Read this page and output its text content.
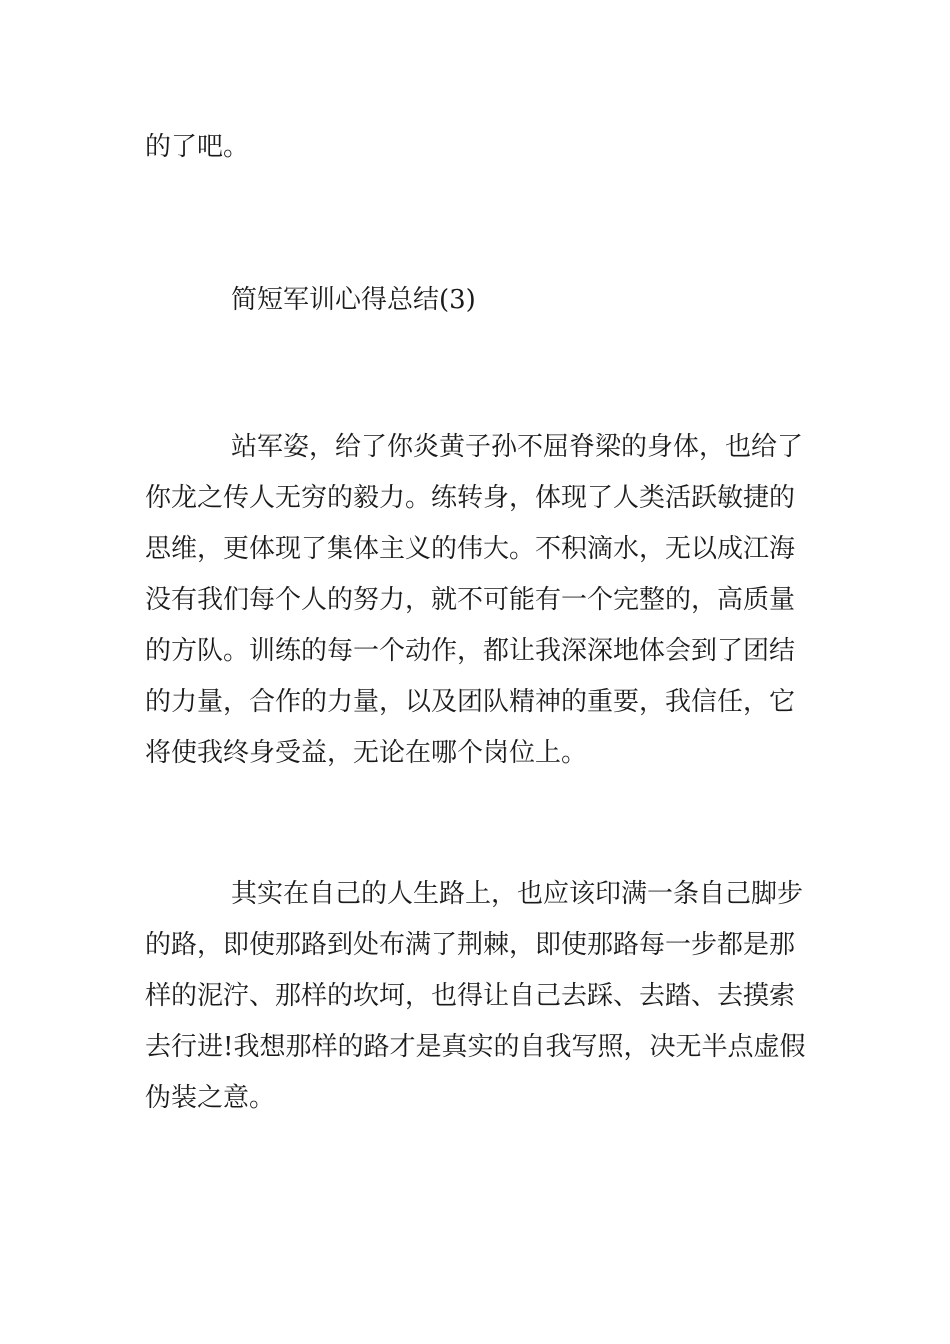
的了吧。
简短军训心得总结(3)
站军姿，给了你炎黄子孙不屈脊梁的身体，也给了
你龙之传人无穷的毅力。练转身，体现了人类活跃敏捷的
思维，更体现了集体主义的伟大。不积滴水，无以成江海
没有我们每个人的努力，就不可能有一个完整的，高质量
的方队。训练的每一个动作，都让我深深地体会到了团结
的力量，合作的力量，以及团队精神的重要，我信任，它
将使我终身受益，无论在哪个岗位上。
其实在自己的人生路上，也应该印满一条自己脚步
的路，即使那路到处布满了荆棘，即使那路每一步都是那
样的泥泞、那样的坎坷，也得让自己去踩、去踏、去摸索
去行进!我想那样的路才是真实的自我写照，决无半点虚假
伪装之意。
